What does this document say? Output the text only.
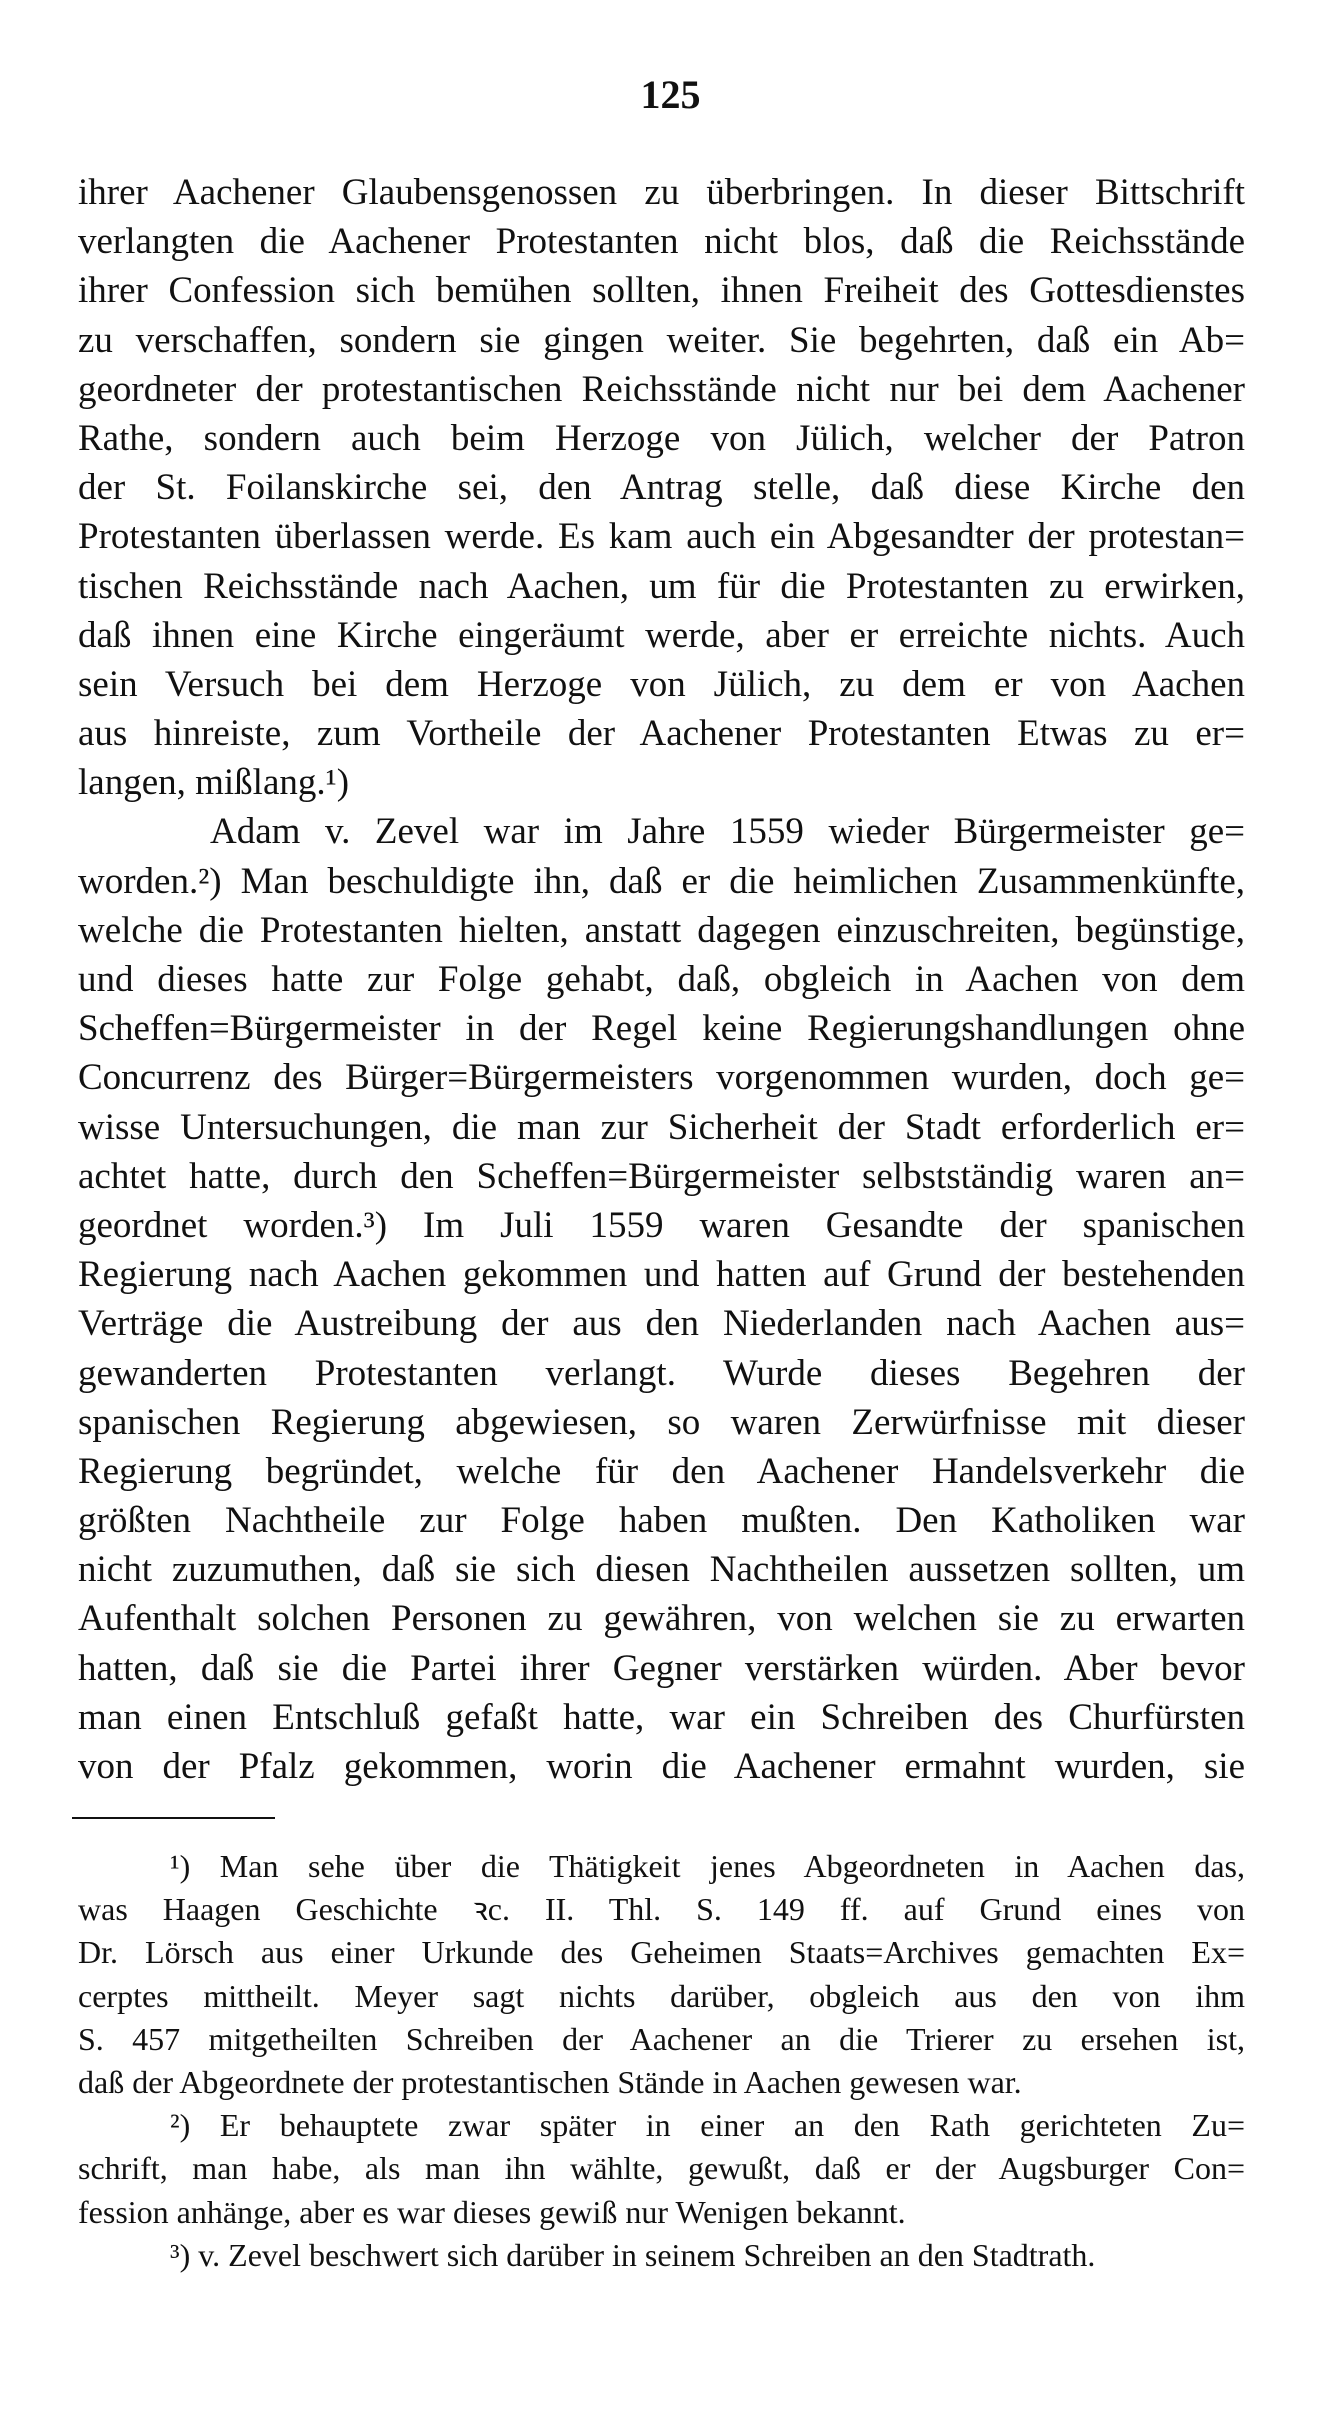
125
ihrer Aachener Glaubensgenossen zu überbringen. In dieser Bittschrift
verlangten die Aachener Protestanten nicht blos, daß die Reichsstände
ihrer Confession sich bemühen sollten, ihnen Freiheit des Gottesdienstes
zu verschaffen, sondern sie gingen weiter. Sie begehrten, daß ein Ab=
geordneter der protestantischen Reichsstände nicht nur bei dem Aachener
Rathe, sondern auch beim Herzoge von Jülich, welcher der Patron
der St. Foilanskirche sei, den Antrag stelle, daß diese Kirche den
Protestanten überlassen werde. Es kam auch ein Abgesandter der protestan=
tischen Reichsstände nach Aachen, um für die Protestanten zu erwirken,
daß ihnen eine Kirche eingeräumt werde, aber er erreichte nichts. Auch
sein Versuch bei dem Herzoge von Jülich, zu dem er von Aachen
aus hinreiste, zum Vortheile der Aachener Protestanten Etwas zu er=
langen, mißlang.¹)
Adam v. Zevel war im Jahre 1559 wieder Bürgermeister ge=
worden.²) Man beschuldigte ihn, daß er die heimlichen Zusammenkünfte,
welche die Protestanten hielten, anstatt dagegen einzuschreiten, begünstige,
und dieses hatte zur Folge gehabt, daß, obgleich in Aachen von dem
Scheffen=Bürgermeister in der Regel keine Regierungshandlungen ohne
Concurrenz des Bürger=Bürgermeisters vorgenommen wurden, doch ge=
wisse Untersuchungen, die man zur Sicherheit der Stadt erforderlich er=
achtet hatte, durch den Scheffen=Bürgermeister selbstständig waren an=
geordnet worden.³) Im Juli 1559 waren Gesandte der spanischen
Regierung nach Aachen gekommen und hatten auf Grund der bestehenden
Verträge die Austreibung der aus den Niederlanden nach Aachen aus=
gewanderten Protestanten verlangt. Wurde dieses Begehren der
spanischen Regierung abgewiesen, so waren Zerwürfnisse mit dieser
Regierung begründet, welche für den Aachener Handelsverkehr die
größten Nachtheile zur Folge haben mußten. Den Katholiken war
nicht zuzumuthen, daß sie sich diesen Nachtheilen aussetzen sollten, um
Aufenthalt solchen Personen zu gewähren, von welchen sie zu erwarten
hatten, daß sie die Partei ihrer Gegner verstärken würden. Aber bevor
man einen Entschluß gefaßt hatte, war ein Schreiben des Churfürsten
von der Pfalz gekommen, worin die Aachener ermahnt wurden, sie
¹) Man sehe über die Thätigkeit jenes Abgeordneten in Aachen das,
was Haagen Geschichte ꝛc. II. Thl. S. 149 ff. auf Grund eines von
Dr. Lörsch aus einer Urkunde des Geheimen Staats=Archives gemachten Ex=
cerptes mittheilt. Meyer sagt nichts darüber, obgleich aus den von ihm
S. 457 mitgetheilten Schreiben der Aachener an die Trierer zu ersehen ist,
daß der Abgeordnete der protestantischen Stände in Aachen gewesen war.
²) Er behauptete zwar später in einer an den Rath gerichteten Zu=
schrift, man habe, als man ihn wählte, gewußt, daß er der Augsburger Con=
fession anhänge, aber es war dieses gewiß nur Wenigen bekannt.
³) v. Zevel beschwert sich darüber in seinem Schreiben an den Stadtrath.
